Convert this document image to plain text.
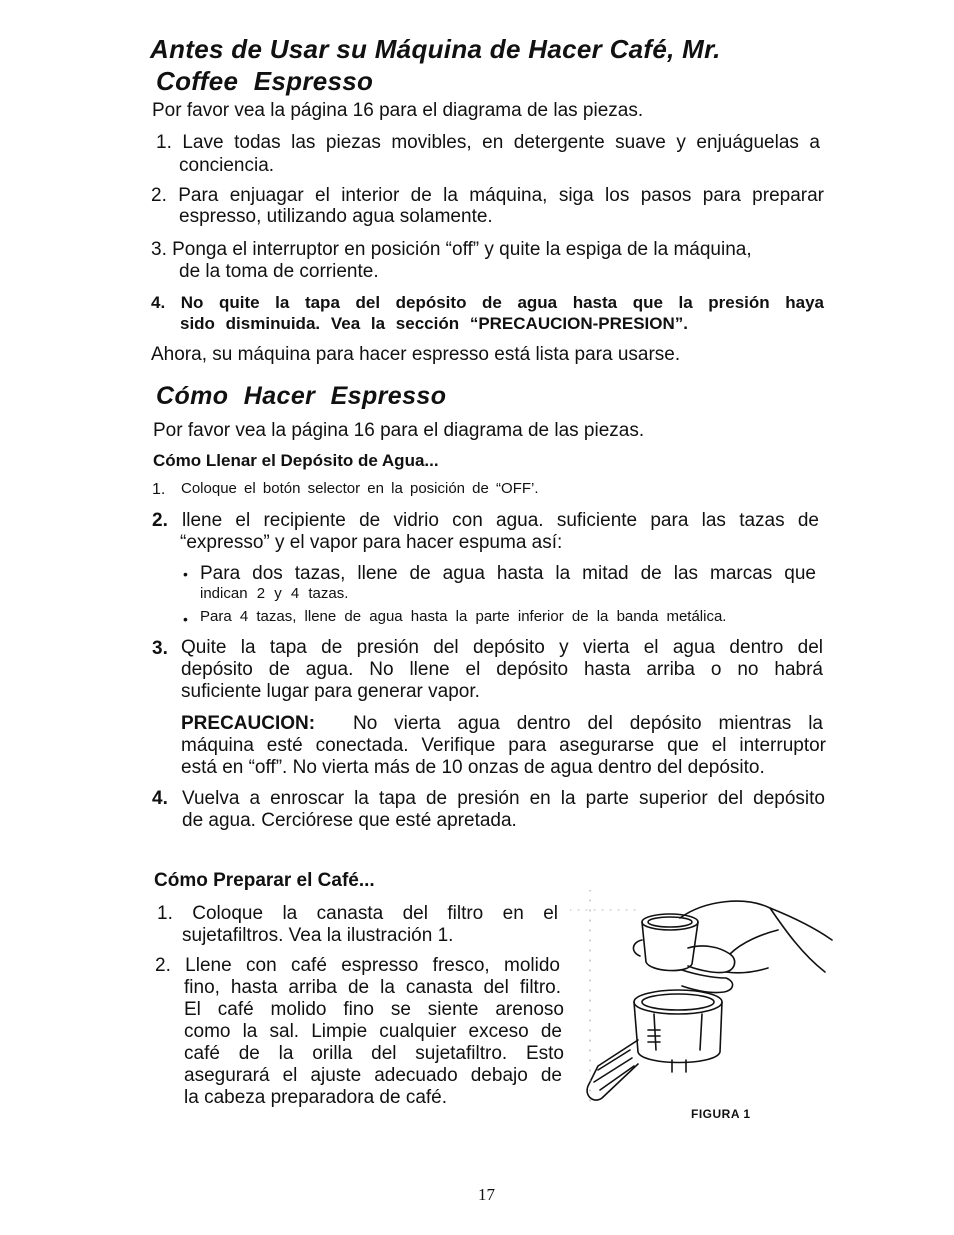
Antes de Usar su Máquina de Hacer Café, Mr.
Coffee Espresso
Por favor vea la página 16 para el diagrama de las piezas.
1. Lave todas las piezas movibles, en detergente suave y enjuáguelas a
conciencia.
2. Para enjuagar el interior de la máquina, siga los pasos para preparar
espresso, utilizando agua solamente.
3. Ponga el interruptor en posición “off” y quite la espiga de la máquina,
de la toma de corriente.
4. No quite la tapa del depósito de agua hasta que la presión haya
sido disminuida. Vea la sección “PRECAUCION-PRESION”.
Ahora, su máquina para hacer espresso está lista para usarse.
Cómo Hacer Espresso
Por favor vea la página 16 para el diagrama de las piezas.
Cómo Llenar el Depósito de Agua...
1. Coloque el botón selector en la posición de “OFF’.
2. llene el recipiente de vidrio con agua. suficiente para las tazas de
“expresso” y el vapor para hacer espuma así:
• Para dos tazas, llene de agua hasta la mitad de las marcas que
indican 2 y 4 tazas.
• Para 4 tazas, llene de agua hasta la parte inferior de la banda metálica.
3. Quite la tapa de presión del depósito y vierta el agua dentro del
depósito de agua. No llene el depósito hasta arriba o no habrá
suficiente lugar para generar vapor.
PRECAUCION: No vierta agua dentro del depósito mientras la
máquina esté conectada. Verifique para asegurarse que el interruptor
está en “off”. No vierta más de 10 onzas de agua dentro del depósito.
4. Vuelva a enroscar la tapa de presión en la parte superior del depósito
de agua. Cerciórese que esté apretada.
Cómo Preparar el Café...
1. Coloque la canasta del filtro en el
sujetafiltros. Vea la ilustración 1.
2. Llene con café espresso fresco, molido
fino, hasta arriba de la canasta del filtro.
El café molido fino se siente arenoso
como la sal. Limpie cualquier exceso de
café de la orilla del sujetafiltro. Esto
asegurará el ajuste adecuado debajo de
la cabeza preparadora de café.
FIGURA 1
17
